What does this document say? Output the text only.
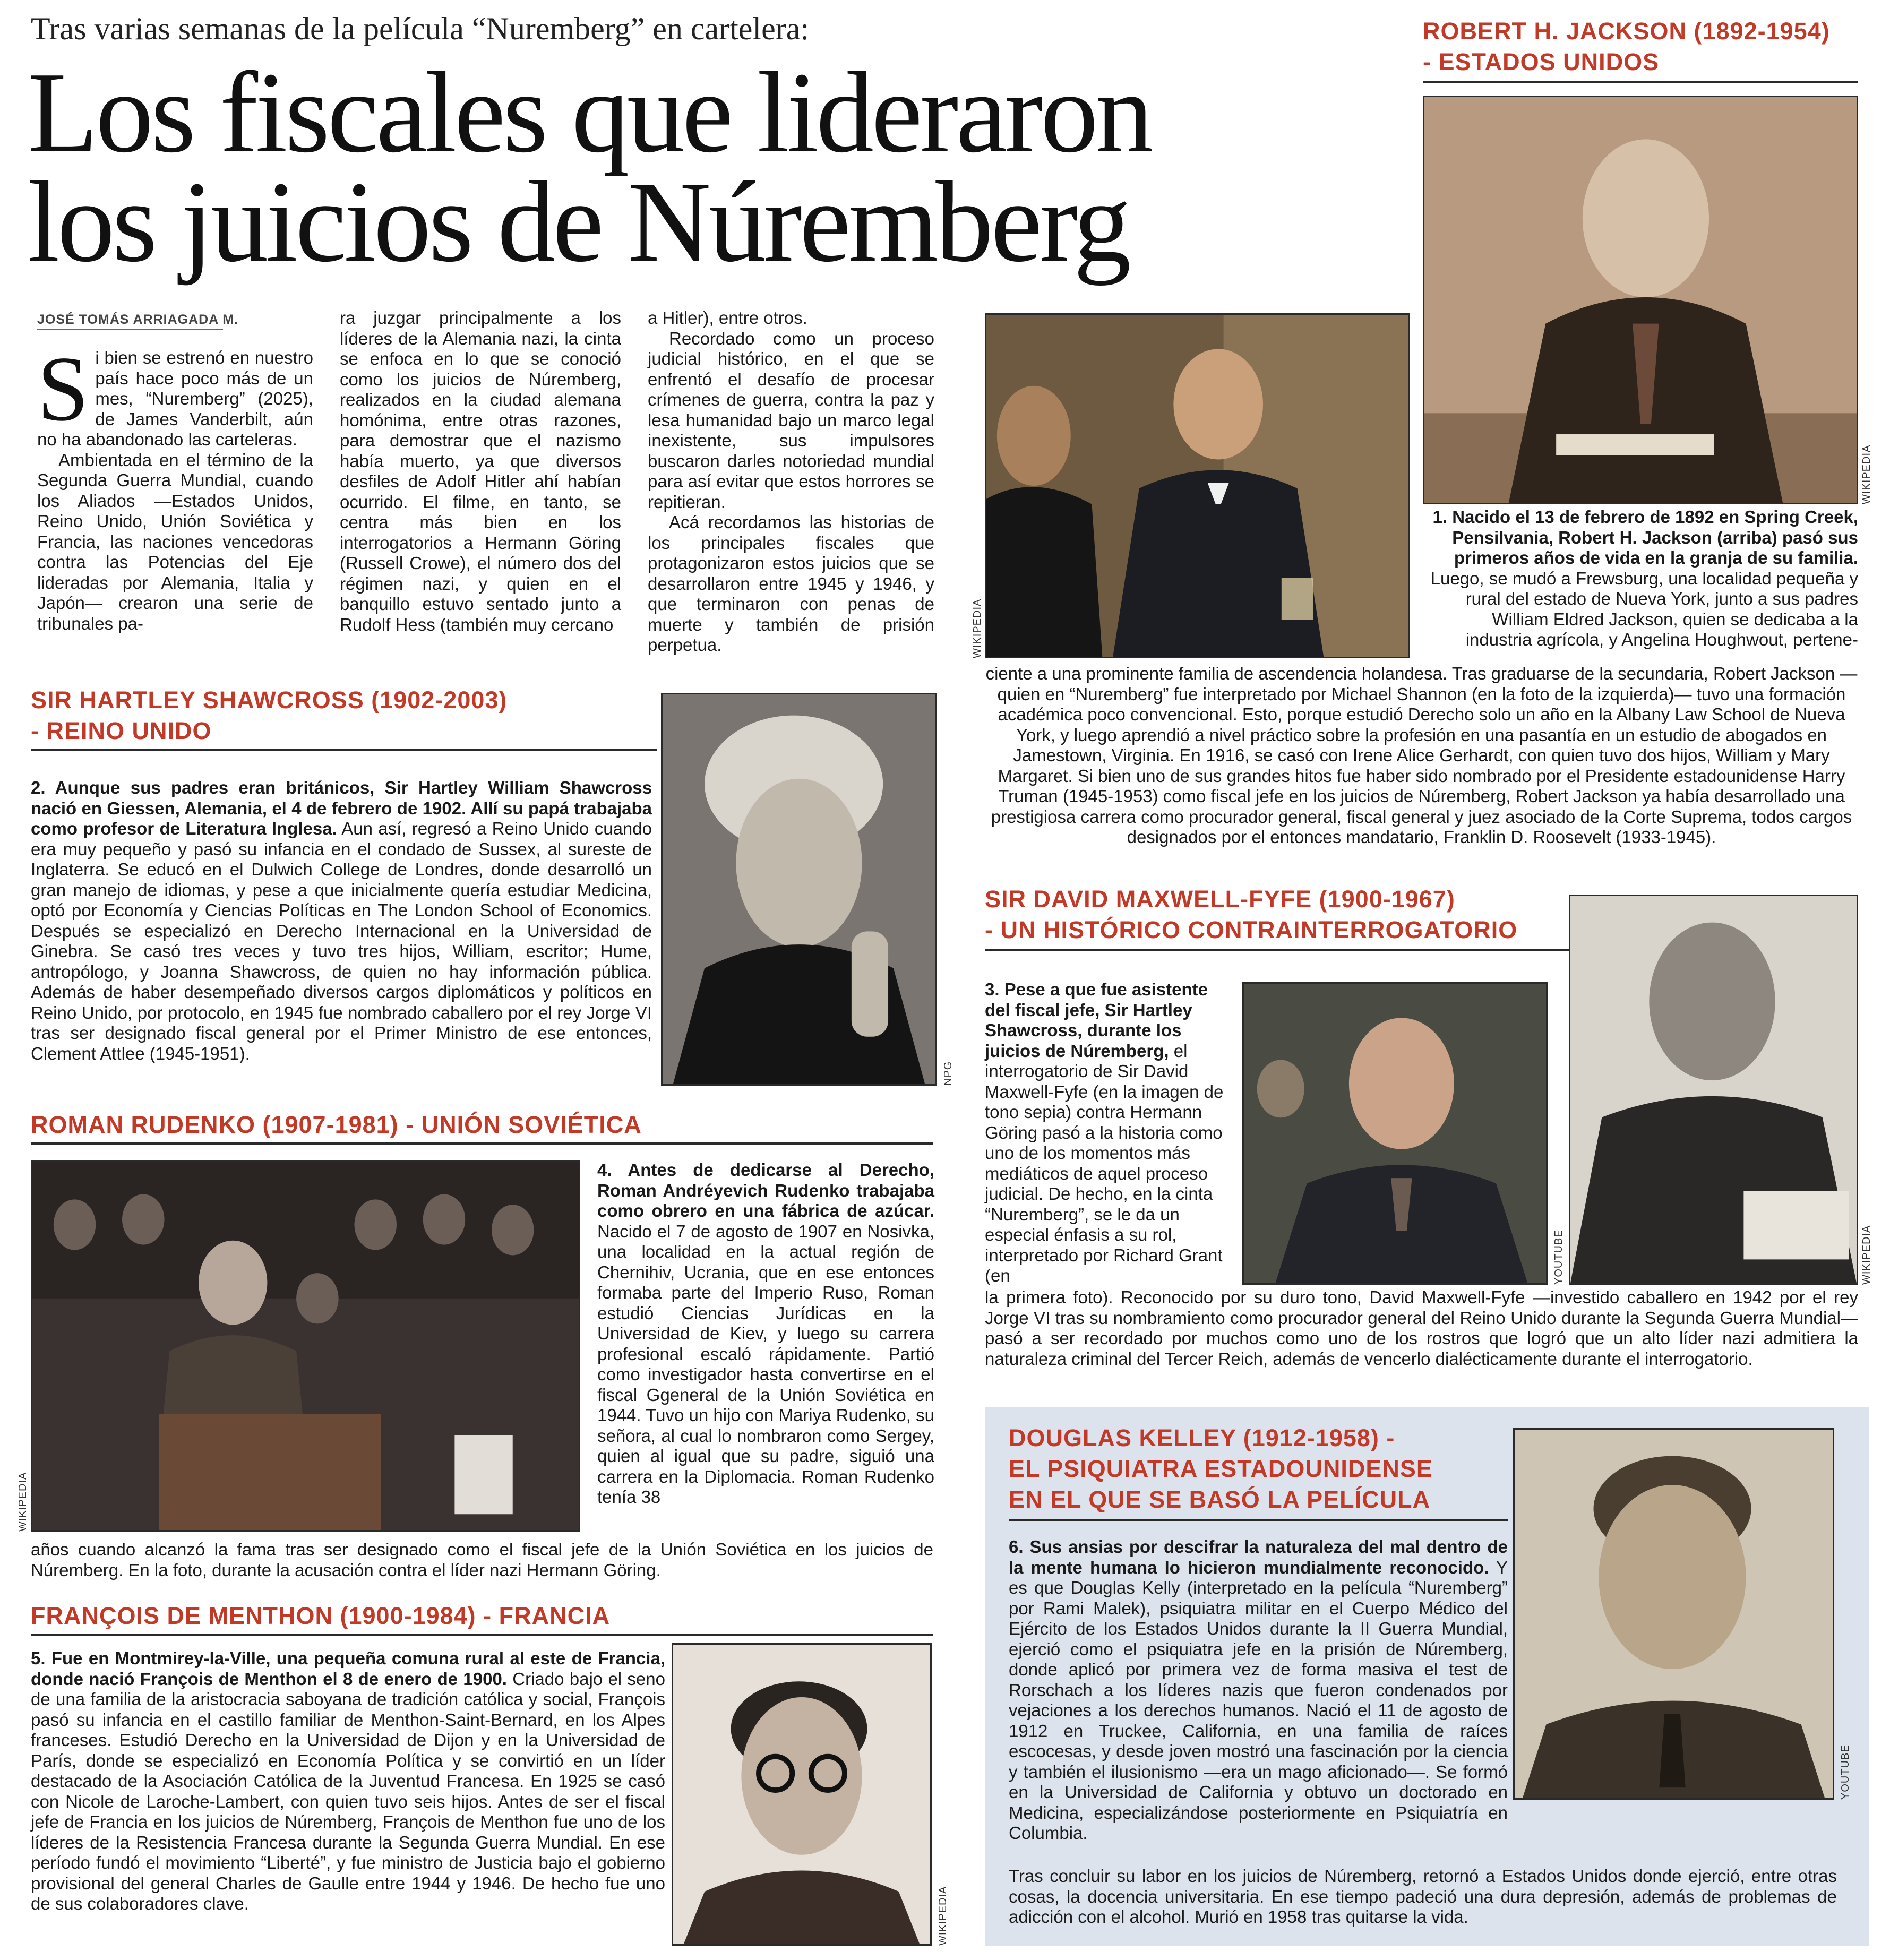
Tras varias semanas de la película “Nuremberg” en cartelera:
Los fiscales que lideraron
los juicios de Núremberg
JOSÉ TOMÁS ARRIAGADA M.

Si bien se estrenó en nuestro país hace poco más de un mes, “Nuremberg” (2025), de James Vanderbilt, aún no ha abandonado las carteleras.

Ambientada en el término de la Segunda Guerra Mundial, cuando los Aliados —Estados Unidos, Reino Unido, Unión Soviética y Francia, las naciones vencedoras contra las Potencias del Eje lideradas por Alemania, Italia y Japón— crearon una serie de tribunales pa-

ra juzgar principalmente a los líderes de la Alemania nazi, la cinta se enfoca en lo que se conoció como los juicios de Núremberg, realizados en la ciudad alemana homónima, entre otras razones, para demostrar que el nazismo había muerto, ya que diversos desfiles de Adolf Hitler ahí habían ocurrido. El filme, en tanto, se centra más bien en los interrogatorios a Hermann Göring (Russell Crowe), el número dos del régimen nazi, y quien en el banquillo estuvo sentado junto a Rudolf Hess (también muy cercano

a Hitler), entre otros.

Recordado como un proceso judicial histórico, en el que se enfrentó el desafío de procesar crímenes de guerra, contra la paz y lesa humanidad bajo un marco legal inexistente, sus impulsores buscaron darles notoriedad mundial para así evitar que estos horrores se repitieran.

Acá recordamos las historias de los principales fiscales que protagonizaron estos juicios que se desarrollaron entre 1945 y 1946, y que terminaron con penas de muerte y también de prisión perpetua.

ROBERT H. JACKSON (1892-1954)
- ESTADOS UNIDOS
WIKIPEDIA
WIKIPEDIA

1. Nacido el 13 de febrero de 1892 en Spring Creek, Pensilvania, Robert H. Jackson (arriba) pasó sus primeros años de vida en la granja de su familia. Luego, se mudó a Frewsburg, una localidad pequeña y rural del estado de Nueva York, junto a sus padres William Eldred Jackson, quien se dedicaba a la industria agrícola, y Angelina Houghwout, pertene-

ciente a una prominente familia de ascendencia holandesa. Tras graduarse de la secundaria, Robert Jackson —quien en “Nuremberg” fue interpretado por Michael Shannon (en la foto de la izquierda)— tuvo una formación académica poco convencional. Esto, porque estudió Derecho solo un año en la Albany Law School de Nueva York, y luego aprendió a nivel práctico sobre la profesión en una pasantía en un estudio de abogados en Jamestown, Virginia. En 1916, se casó con Irene Alice Gerhardt, con quien tuvo dos hijos, William y Mary Margaret. Si bien uno de sus grandes hitos fue haber sido nombrado por el Presidente estadounidense Harry Truman (1945-1953) como fiscal jefe en los juicios de Núremberg, Robert Jackson ya había desarrollado una prestigiosa carrera como procurador general, fiscal general y juez asociado de la Corte Suprema, todos cargos designados por el entonces mandatario, Franklin D. Roosevelt (1933-1945).

SIR HARTLEY SHAWCROSS (1902-2003)
- REINO UNIDO
NPG

2. Aunque sus padres eran británicos, Sir Hartley William Shawcross nació en Giessen, Alemania, el 4 de febrero de 1902. Allí su papá trabajaba como profesor de Literatura Inglesa. Aun así, regresó a Reino Unido cuando era muy pequeño y pasó su infancia en el condado de Sussex, al sureste de Inglaterra. Se educó en el Dulwich College de Londres, donde desarrolló un gran manejo de idiomas, y pese a que inicialmente quería estudiar Medicina, optó por Economía y Ciencias Políticas en The London School of Economics. Después se especializó en Derecho Internacional en la Universidad de Ginebra. Se casó tres veces y tuvo tres hijos, William, escritor; Hume, antropólogo, y Joanna Shawcross, de quien no hay información pública. Además de haber desempeñado diversos cargos diplomáticos y políticos en Reino Unido, por protocolo, en 1945 fue nombrado caballero por el rey Jorge VI tras ser designado fiscal general por el Primer Ministro de ese entonces, Clement Attlee (1945-1951).

ROMAN RUDENKO (1907-1981) - UNIÓN SOVIÉTICA
WIKIPEDIA

4. Antes de dedicarse al Derecho, Roman Andréyevich Rudenko trabajaba como obrero en una fábrica de azúcar. Nacido el 7 de agosto de 1907 en Nosivka, una localidad en la actual región de Chernihiv, Ucrania, que en ese entonces formaba parte del Imperio Ruso, Roman estudió Ciencias Jurídicas en la Universidad de Kiev, y luego su carrera profesional escaló rápidamente. Partió como investigador hasta convertirse en el fiscal Ggeneral de la Unión Soviética en 1944. Tuvo un hijo con Mariya Rudenko, su señora, al cual lo nombraron como Sergey, quien al igual que su padre, siguió una carrera en la Diplomacia. Roman Rudenko tenía 38

años cuando alcanzó la fama tras ser designado como el fiscal jefe de la Unión Soviética en los juicios de Núremberg. En la foto, durante la acusación contra el líder nazi Hermann Göring.

FRANÇOIS DE MENTHON (1900-1984) - FRANCIA
WIKIPEDIA

5. Fue en Montmirey-la-Ville, una pequeña comuna rural al este de Francia, donde nació François de Menthon el 8 de enero de 1900. Criado bajo el seno de una familia de la aristocracia saboyana de tradición católica y social, François pasó su infancia en el castillo familiar de Menthon-Saint-Bernard, en los Alpes franceses. Estudió Derecho en la Universidad de Dijon y en la Universidad de París, donde se especializó en Economía Política y se convirtió en un líder destacado de la Asociación Católica de la Juventud Francesa. En 1925 se casó con Nicole de Laroche-Lambert, con quien tuvo seis hijos. Antes de ser el fiscal jefe de Francia en los juicios de Núremberg, François de Menthon fue uno de los líderes de la Resistencia Francesa durante la Segunda Guerra Mundial. En ese período fundó el movimiento “Liberté”, y fue ministro de Justicia bajo el gobierno provisional del general Charles de Gaulle entre 1944 y 1946. De hecho fue uno de sus colaboradores clave.

SIR DAVID MAXWELL-FYFE (1900-1967)
- UN HISTÓRICO CONTRAINTERROGATORIO
YOUTUBE	WIKIPEDIA

3. Pese a que fue asistente del fiscal jefe, Sir Hartley Shawcross, durante los juicios de Núremberg, el interrogatorio de Sir David Maxwell-Fyfe (en la imagen de tono sepia) contra Hermann Göring pasó a la historia como uno de los momentos más mediáticos de aquel proceso judicial. De hecho, en la cinta “Nuremberg”, se le da un especial énfasis a su rol, interpretado por Richard Grant (en

la primera foto). Reconocido por su duro tono, David Maxwell-Fyfe —investido caballero en 1942 por el rey Jorge VI tras su nombramiento como procurador general del Reino Unido durante la Segunda Guerra Mundial— pasó a ser recordado por muchos como uno de los rostros que logró que un alto líder nazi admitiera la naturaleza criminal del Tercer Reich, además de vencerlo dialécticamente durante el interrogatorio.

DOUGLAS KELLEY (1912-1958) -
EL PSIQUIATRA ESTADOUNIDENSE
EN EL QUE SE BASÓ LA PELÍCULA
YOUTUBE

6. Sus ansias por descifrar la naturaleza del mal dentro de la mente humana lo hicieron mundialmente reconocido. Y es que Douglas Kelly (interpretado en la película “Nuremberg” por Rami Malek), psiquiatra militar en el Cuerpo Médico del Ejército de los Estados Unidos durante la II Guerra Mundial, ejerció como el psiquiatra jefe en la prisión de Núremberg, donde aplicó por primera vez de forma masiva el test de Rorschach a los líderes nazis que fueron condenados por vejaciones a los derechos humanos. Nació el 11 de agosto de 1912 en Truckee, California, en una familia de raíces escocesas, y desde joven mostró una fascinación por la ciencia y también el ilusionismo —era un mago aficionado—. Se formó en la Universidad de California y obtuvo un doctorado en Medicina, especializándose posteriormente en Psiquiatría en Columbia.

Tras concluir su labor en los juicios de Núremberg, retornó a Estados Unidos donde ejerció, entre otras cosas, la docencia universitaria. En ese tiempo padeció una dura depresión, además de problemas de adicción con el alcohol. Murió en 1958 tras quitarse la vida.
